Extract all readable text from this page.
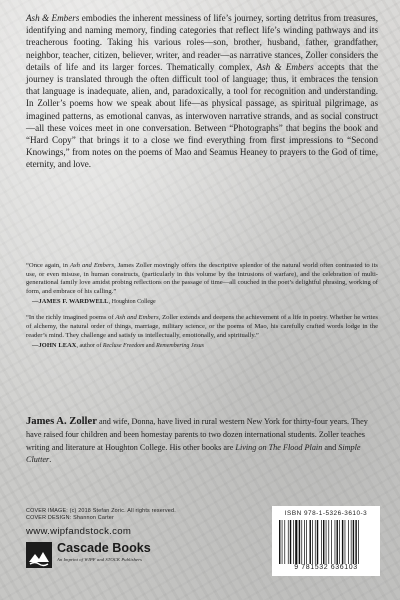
Ash & Embers embodies the inherent messiness of life’s journey, sorting detritus from treasures, identifying and naming memory, finding categories that reflect life’s winding pathways and its treacherous footing. Taking his various roles—son, brother, husband, father, grandfather, neighbor, teacher, citizen, believer, writer, and reader—as narrative stances, Zoller considers the details of life and its larger forces. Thematically complex, Ash & Embers accepts that the journey is translated through the often difficult tool of language; thus, it embraces the tension that language is inadequate, alien, and, paradoxically, a tool for recognition and understanding. In Zoller’s poems how we speak about life—as physical passage, as spiritual pilgrimage, as imagined patterns, as emotional canvas, as interwoven narrative strands, and as social construct—all these voices meet in one conversation. Between “Photographs” that begins the book and “Hard Copy” that brings it to a close we find everything from first impressions to “Second Knowings,” from notes on the poems of Mao and Seamus Heaney to prayers to the God of time, eternity, and love.

“Once again, in Ash and Embers, James Zoller movingly offers the descriptive splendor of the natural world often contrasted to its use, or even misuse, in human constructs, (particularly in this volume by the intrusions of warfare), and the celebration of multi-generational family love amidst probing reflections on the passage of time—all couched in the poet’s delightful phrasing, working of form, and embrace of his calling.”

—JAMES F. WARDWELL, Houghton College

“In the richly imagined poems of Ash and Embers, Zoller extends and deepens the achievement of a life in poetry. Whether he writes of alchemy, the natural order of things, marriage, military science, or the poems of Mao, his carefully crafted words lodge in the reader’s mind. They challenge and satisfy us intellectually, emotionally, and spiritually.”

—JOHN LEAX, author of Recluse Freedom and Remembering Jesus

James A. Zoller and wife, Donna, have lived in rural western New York for thirty-four years. They have raised four children and been homestay parents to two dozen international students. Zoller teaches writing and literature at Houghton College. His other books are Living on The Flood Plain and Simple Clutter.

COVER IMAGE: (c) 2018 Stefan Zoric. All rights reserved.
COVER DESIGN: Shannon Carter
www.wipfandstock.com
Cascade Books
An Imprint of WIPF and STOCK Publishers
ISBN 978-1-5326-3610-3
9 781532 636103
